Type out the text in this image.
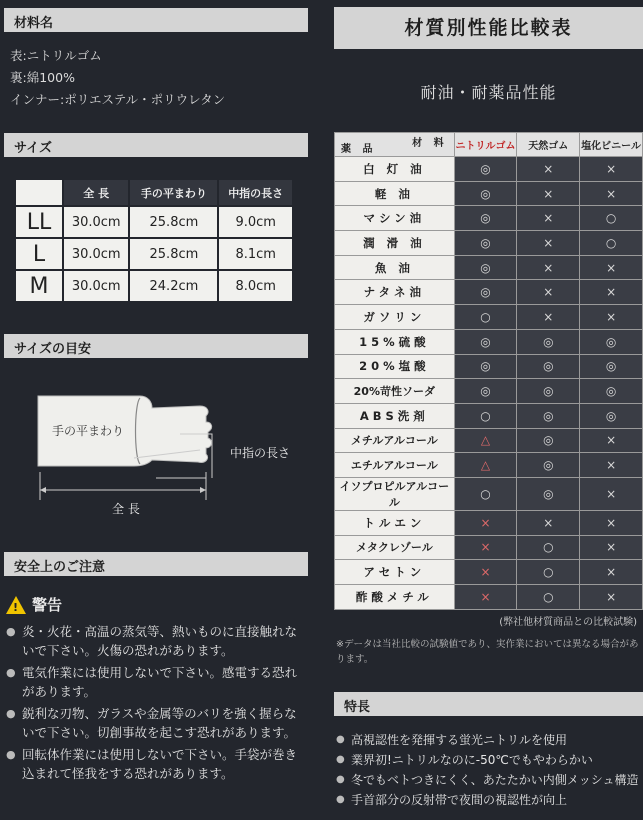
材料名
表:ニトリルゴム
裏:綿100%
インナー:ポリエステル・ポリウレタン
サイズ
	全 長	手の平まわり	中指の長さ
LL	30.0cm	25.8cm	9.0cm
L	30.0cm	25.8cm	8.1cm
M	30.0cm	24.2cm	8.0cm
サイズの目安
手の平まわり
中指の長さ
全 長
安全上のご注意
! 警告
● 炎・火花・高温の蒸気等、熱いものに直接触れないで下さい。火傷の恐れがあります。
● 電気作業には使用しないで下さい。感電する恐れがあります。
● 鋭利な刃物、ガラスや金属等のバリを強く握らないで下さい。切創事故を起こす恐れがあります。
● 回転体作業には使用しないで下さい。手袋が巻き込まれて怪我をする恐れがあります。
材質別性能比較表
耐油・耐薬品性能
材 料
薬 品	ニトリルゴム	天然ゴム	塩化ビニール
白 灯 油	◎	×	×
軽 油	◎	×	×
マシン油	◎	×	○
潤 滑 油	◎	×	○
魚 油	◎	×	×
ナタネ油	◎	×	×
ガソリン	○	×	×
15%硫酸	◎	◎	◎
20%塩酸	◎	◎	◎
20%苛性ソーダ	◎	◎	◎
ABS洗剤	○	◎	◎
メチルアルコール	△	◎	×
エチルアルコール	△	◎	×
イソプロピルアルコール	○	◎	×
トルエン	×	×	×
メタクレゾール	×	○	×
アセトン	×	○	×
酢酸メチル	×	○	×
(弊社他材質商品との比較試験)
※データは当社比較の試験値であり、実作業においては異なる場合があります。
特長
● 高視認性を発揮する蛍光ニトリルを使用
● 業界初!ニトリルなのに-50℃でもやわらかい
● 冬でもベトつきにくく、あたたかい内側メッシュ構造
● 手首部分の反射帯で夜間の視認性が向上
